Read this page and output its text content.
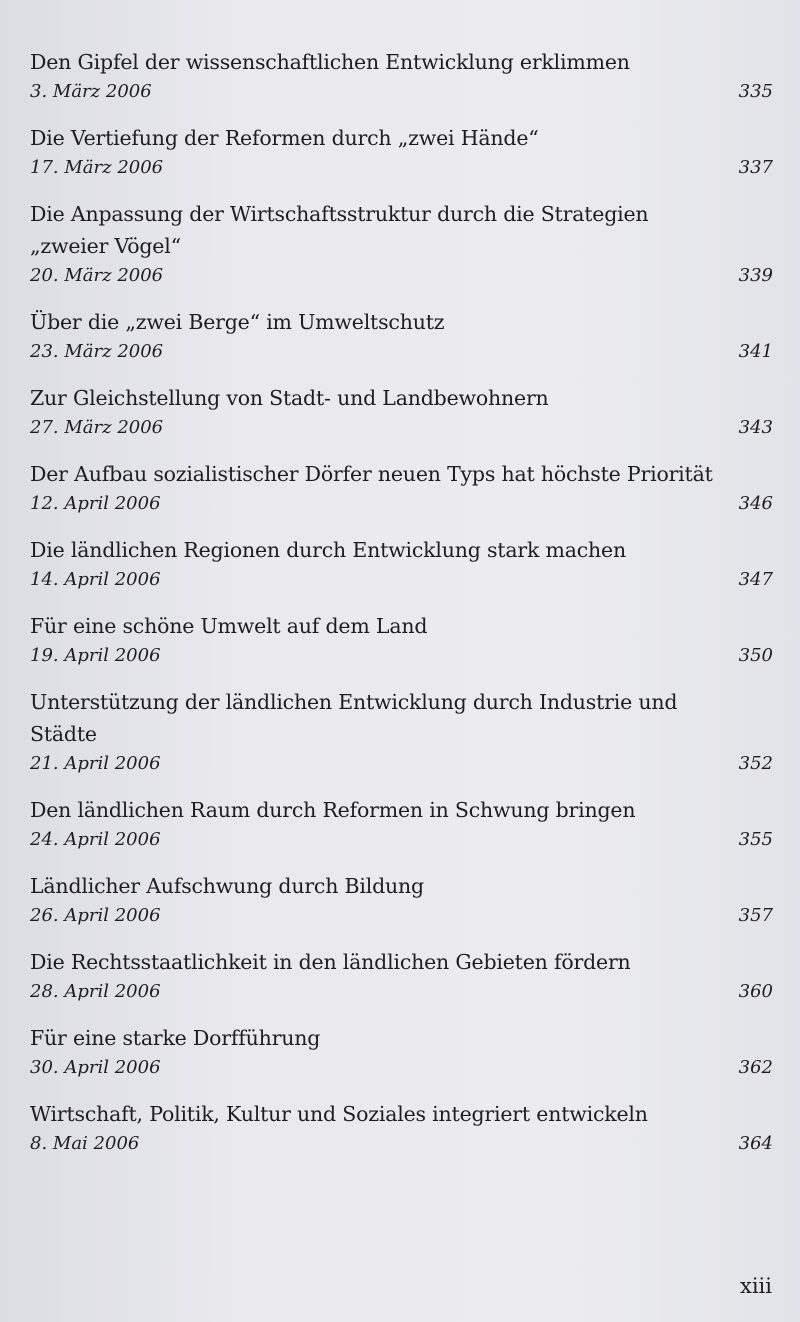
Den Gipfel der wissenschaftlichen Entwicklung erklimmen

3. März 2006	335

Die Vertiefung der Reformen durch „zwei Hände“

17. März 2006	337

Die Anpassung der Wirtschaftsstruktur durch die Strategien „zweier Vögel“

20. März 2006	339

Über die „zwei Berge“ im Umweltschutz

23. März 2006	341

Zur Gleichstellung von Stadt- und Landbewohnern

27. März 2006	343

Der Aufbau sozialistischer Dörfer neuen Typs hat höchste Priorität

12. April 2006	346

Die ländlichen Regionen durch Entwicklung stark machen

14. April 2006	347

Für eine schöne Umwelt auf dem Land

19. April 2006	350

Unterstützung der ländlichen Entwicklung durch Industrie und Städte

21. April 2006	352

Den ländlichen Raum durch Reformen in Schwung bringen

24. April 2006	355

Ländlicher Aufschwung durch Bildung

26. April 2006	357

Die Rechtsstaatlichkeit in den ländlichen Gebieten fördern

28. April 2006	360

Für eine starke Dorfführung

30. April 2006	362

Wirtschaft, Politik, Kultur und Soziales integriert entwickeln

8. Mai 2006	364
xiii
